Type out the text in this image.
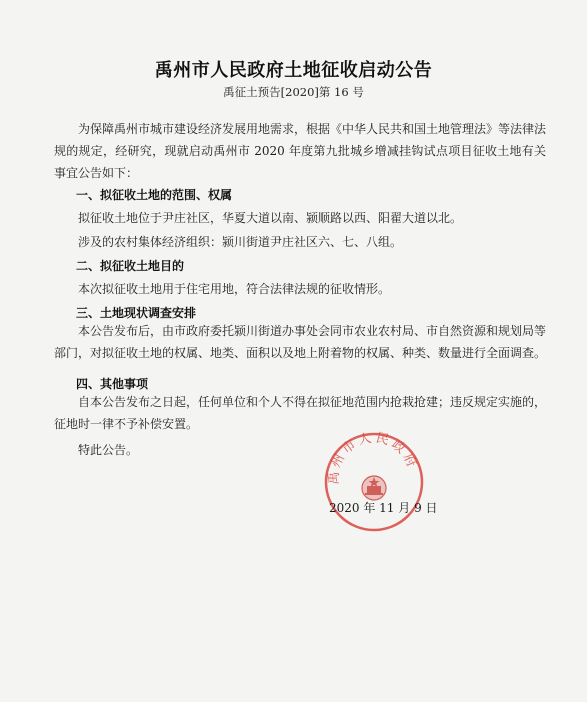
禹州市人民政府土地征收启动公告
禹征土预告[2020]第 16 号
为保障禹州市城市建设经济发展用地需求，根据《中华人民共和国土地管理法》等法律法规的规定，经研究，现就启动禹州市 2020 年度第九批城乡增减挂钩试点项目征收土地有关事宜公告如下：
一、拟征收土地的范围、权属
拟征收土地位于尹庄社区，华夏大道以南、颍顺路以西、阳翟大道以北。
涉及的农村集体经济组织：颍川街道尹庄社区六、七、八组。
二、拟征收土地目的
本次拟征收土地用于住宅用地，符合法律法规的征收情形。
三、土地现状调查安排
本公告发布后，由市政府委托颍川街道办事处会同市农业农村局、市自然资源和规划局等部门，对拟征收土地的权属、地类、面积以及地上附着物的权属、种类、数量进行全面调查。
四、其他事项
自本公告发布之日起，任何单位和个人不得在拟征地范围内抢栽抢建；违反规定实施的，征地时一律不予补偿安置。
特此公告。
禹州市人民政府
2020 年 11 月 9 日
